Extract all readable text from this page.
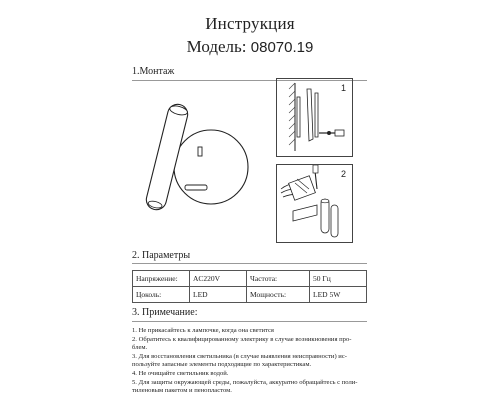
Инструкция
Модель: 08070.19
1.Монтаж
1
2
2. Параметры
Напряжение:	AC220V	Частота:	50 Гц
Цоколь:	LED	Мощность:	LED 5W
3. Примечание:
1. Не прикасайтесь к лампочке, когда она светится
2. Обратитесь к квалифицированному электрику в случае возникновения про-
блем.
3. Для восстановления светильника (в случае выявления неисправности) ис-
пользуйте запасные элементы подходящие по характеристикам.
4. Не очищайте светильник водой.
5. Для защиты окружающей среды, пожалуйста, аккуратно обращайтесь с поли-
тиленовым пакетом и пенопластом.
